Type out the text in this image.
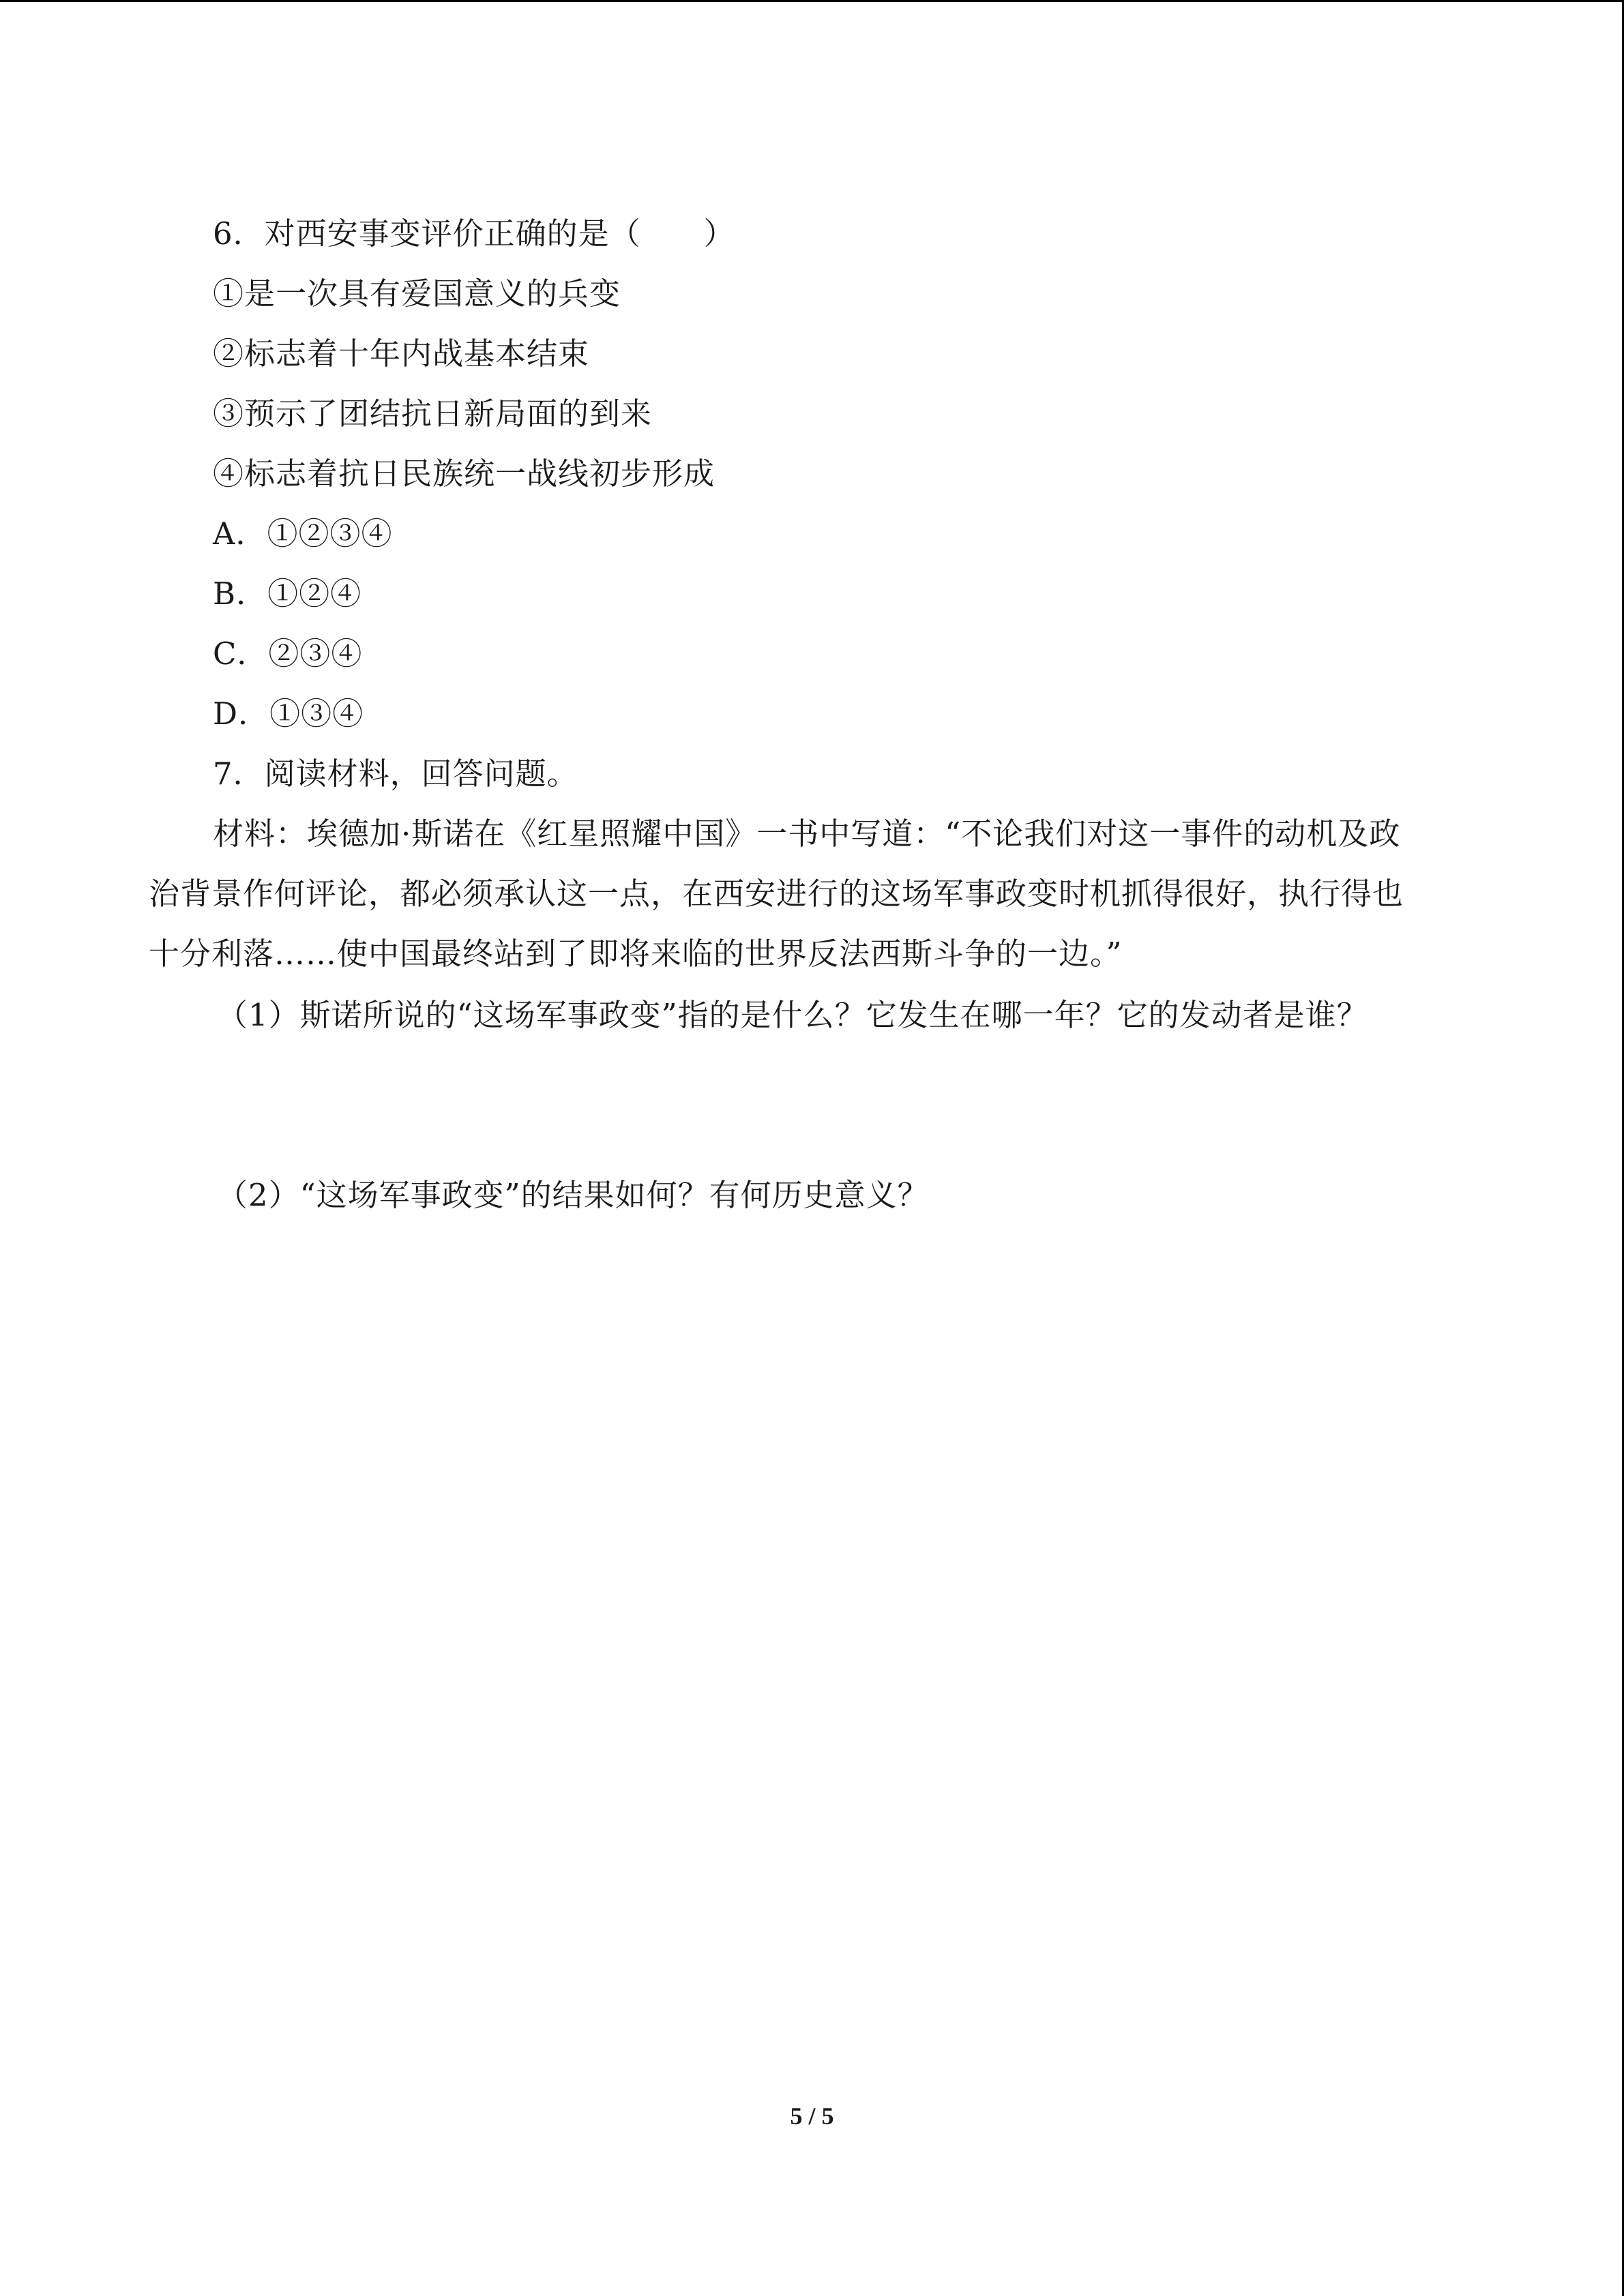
6．对西安事变评价正确的是（　　）
①是一次具有爱国意义的兵变
②标志着十年内战基本结束
③预示了团结抗日新局面的到来
④标志着抗日民族统一战线初步形成
A．①②③④
B．①②④
C．②③④
D．①③④
7．阅读材料，回答问题。
材料：埃德加·斯诺在《红星照耀中国》一书中写道：“不论我们对这一事件的动机及政
治背景作何评论，都必须承认这一点，在西安进行的这场军事政变时机抓得很好，执行得也
十分利落……使中国最终站到了即将来临的世界反法西斯斗争的一边。”
（1）斯诺所说的“这场军事政变”指的是什么？它发生在哪一年？它的发动者是谁？
（2）“这场军事政变”的结果如何？有何历史意义？
5 / 5
